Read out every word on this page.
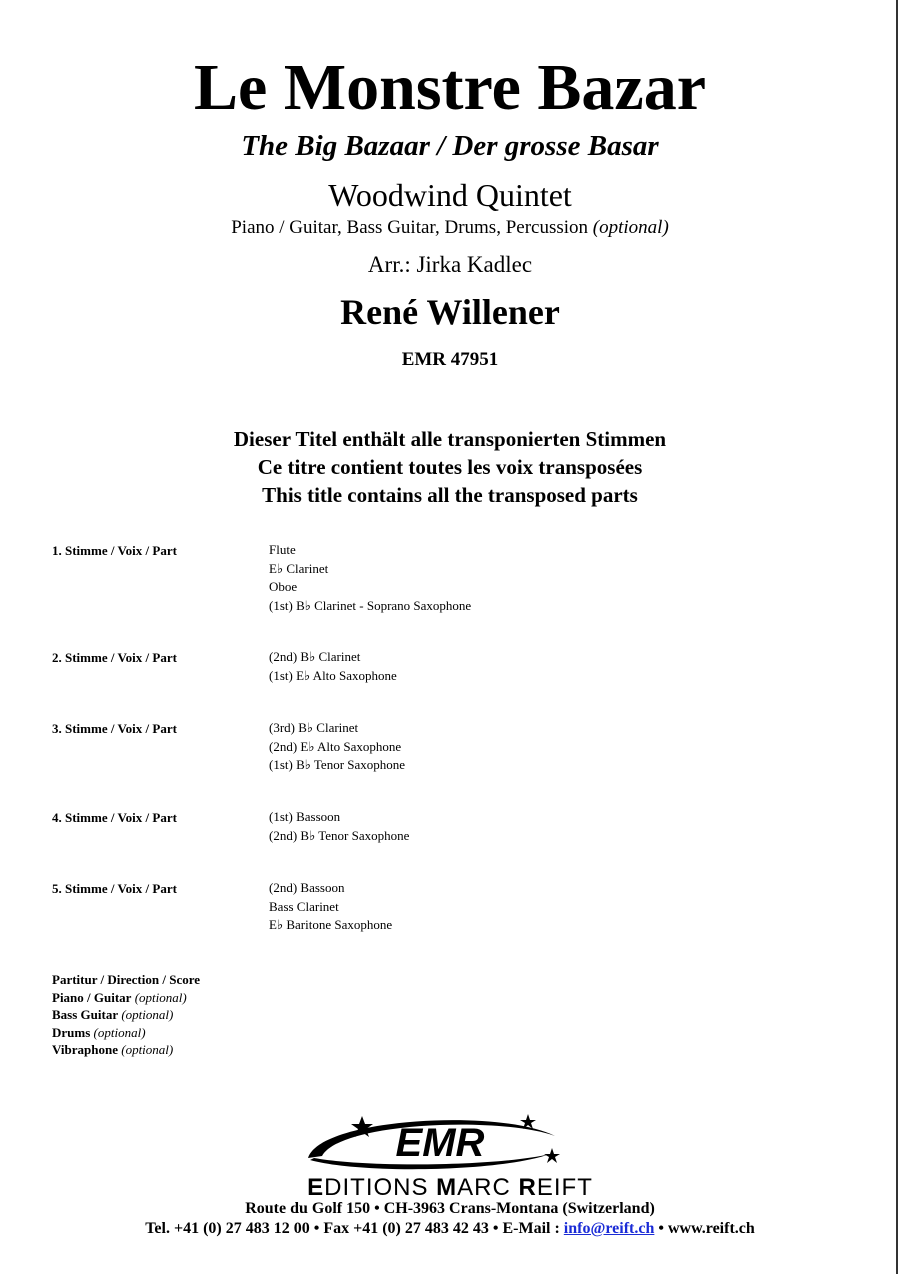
Le Monstre Bazar
The Big Bazaar / Der grosse Basar
Woodwind Quintet
Piano / Guitar, Bass Guitar, Drums, Percussion (optional)
Arr.: Jirka Kadlec
René Willener
EMR 47951
Dieser Titel enthält alle transponierten Stimmen
Ce titre contient toutes les voix transposées
This title contains all the transposed parts
1. Stimme / Voix / Part	Flute
E♭ Clarinet
Oboe
(1st) B♭ Clarinet - Soprano Saxophone
2. Stimme / Voix / Part	(2nd) B♭ Clarinet
(1st) E♭ Alto Saxophone
3. Stimme / Voix / Part	(3rd) B♭ Clarinet
(2nd) E♭ Alto Saxophone
(1st) B♭ Tenor Saxophone
4. Stimme / Voix / Part	(1st) Bassoon
(2nd) B♭ Tenor Saxophone
5. Stimme / Voix / Part	(2nd) Bassoon
Bass Clarinet
E♭ Baritone Saxophone
Partitur / Direction / Score
Piano / Guitar (optional)
Bass Guitar (optional)
Drums (optional)
Vibraphone (optional)
EMR
EDITIONS MARC REIFT
Route du Golf 150 • CH-3963 Crans-Montana (Switzerland)
Tel. +41 (0) 27 483 12 00 • Fax +41 (0) 27 483 42 43 • E-Mail : info@reift.ch • www.reift.ch
